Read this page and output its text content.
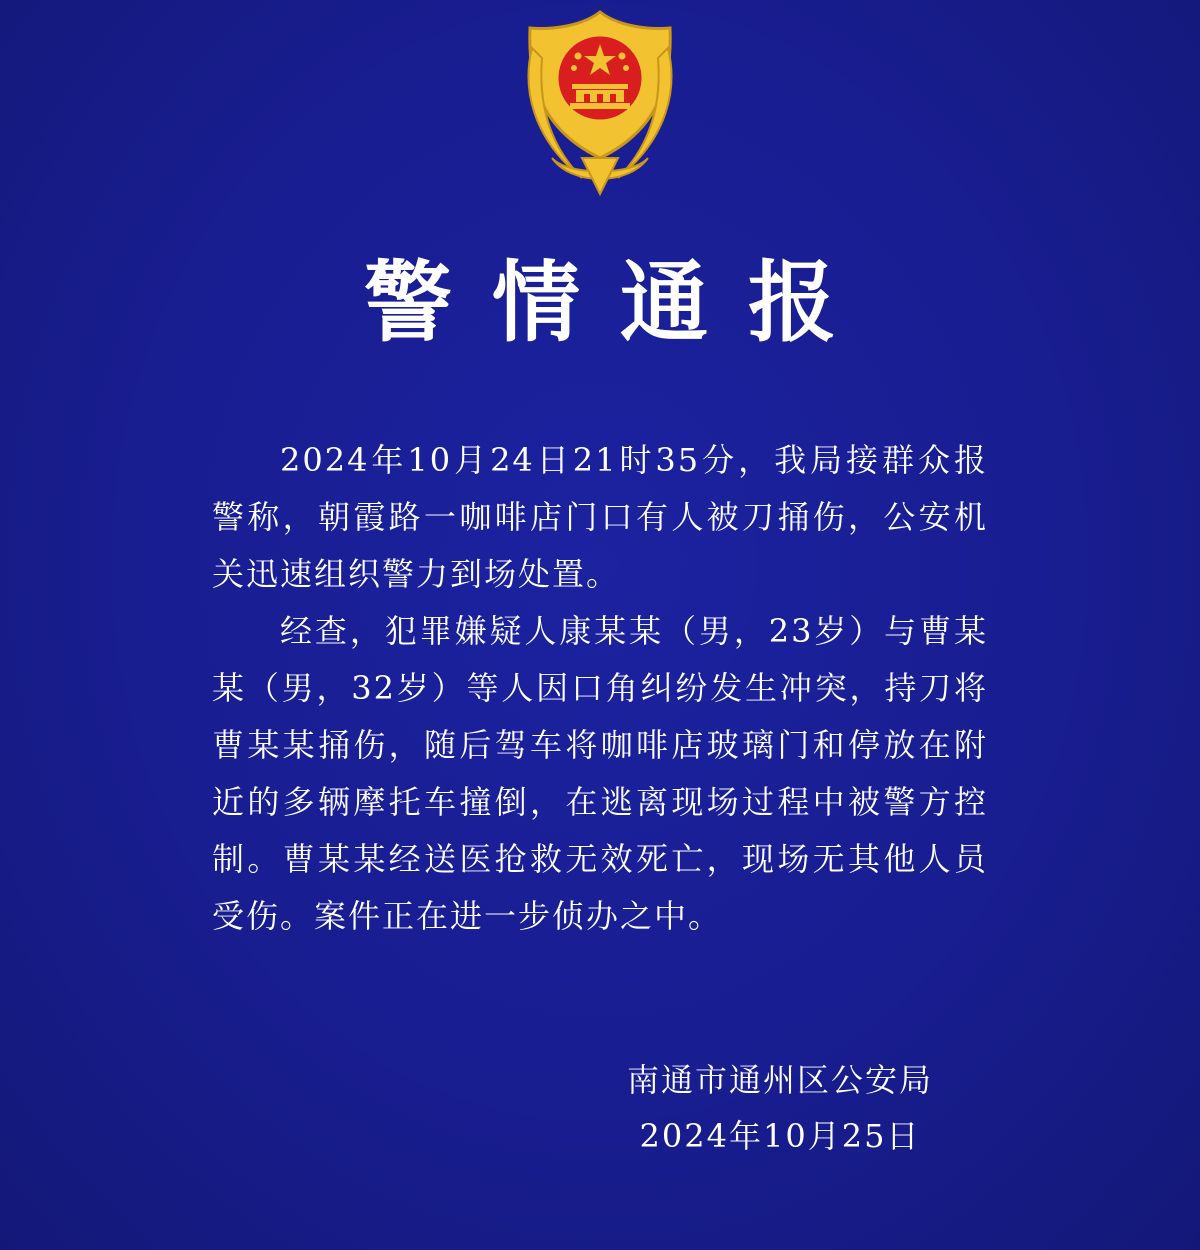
警情通报

2024年10月24日21时35分，我局接群众报警称，朝霞路一咖啡店门口有人被刀捅伤，公安机关迅速组织警力到场处置。

经查，犯罪嫌疑人康某某（男，23岁）与曹某某（男，32岁）等人因口角纠纷发生冲突，持刀将曹某某捅伤，随后驾车将咖啡店玻璃门和停放在附近的多辆摩托车撞倒，在逃离现场过程中被警方控制。曹某某经送医抢救无效死亡，现场无其他人员受伤。案件正在进一步侦办之中。

南通市通州区公安局
2024年10月25日
